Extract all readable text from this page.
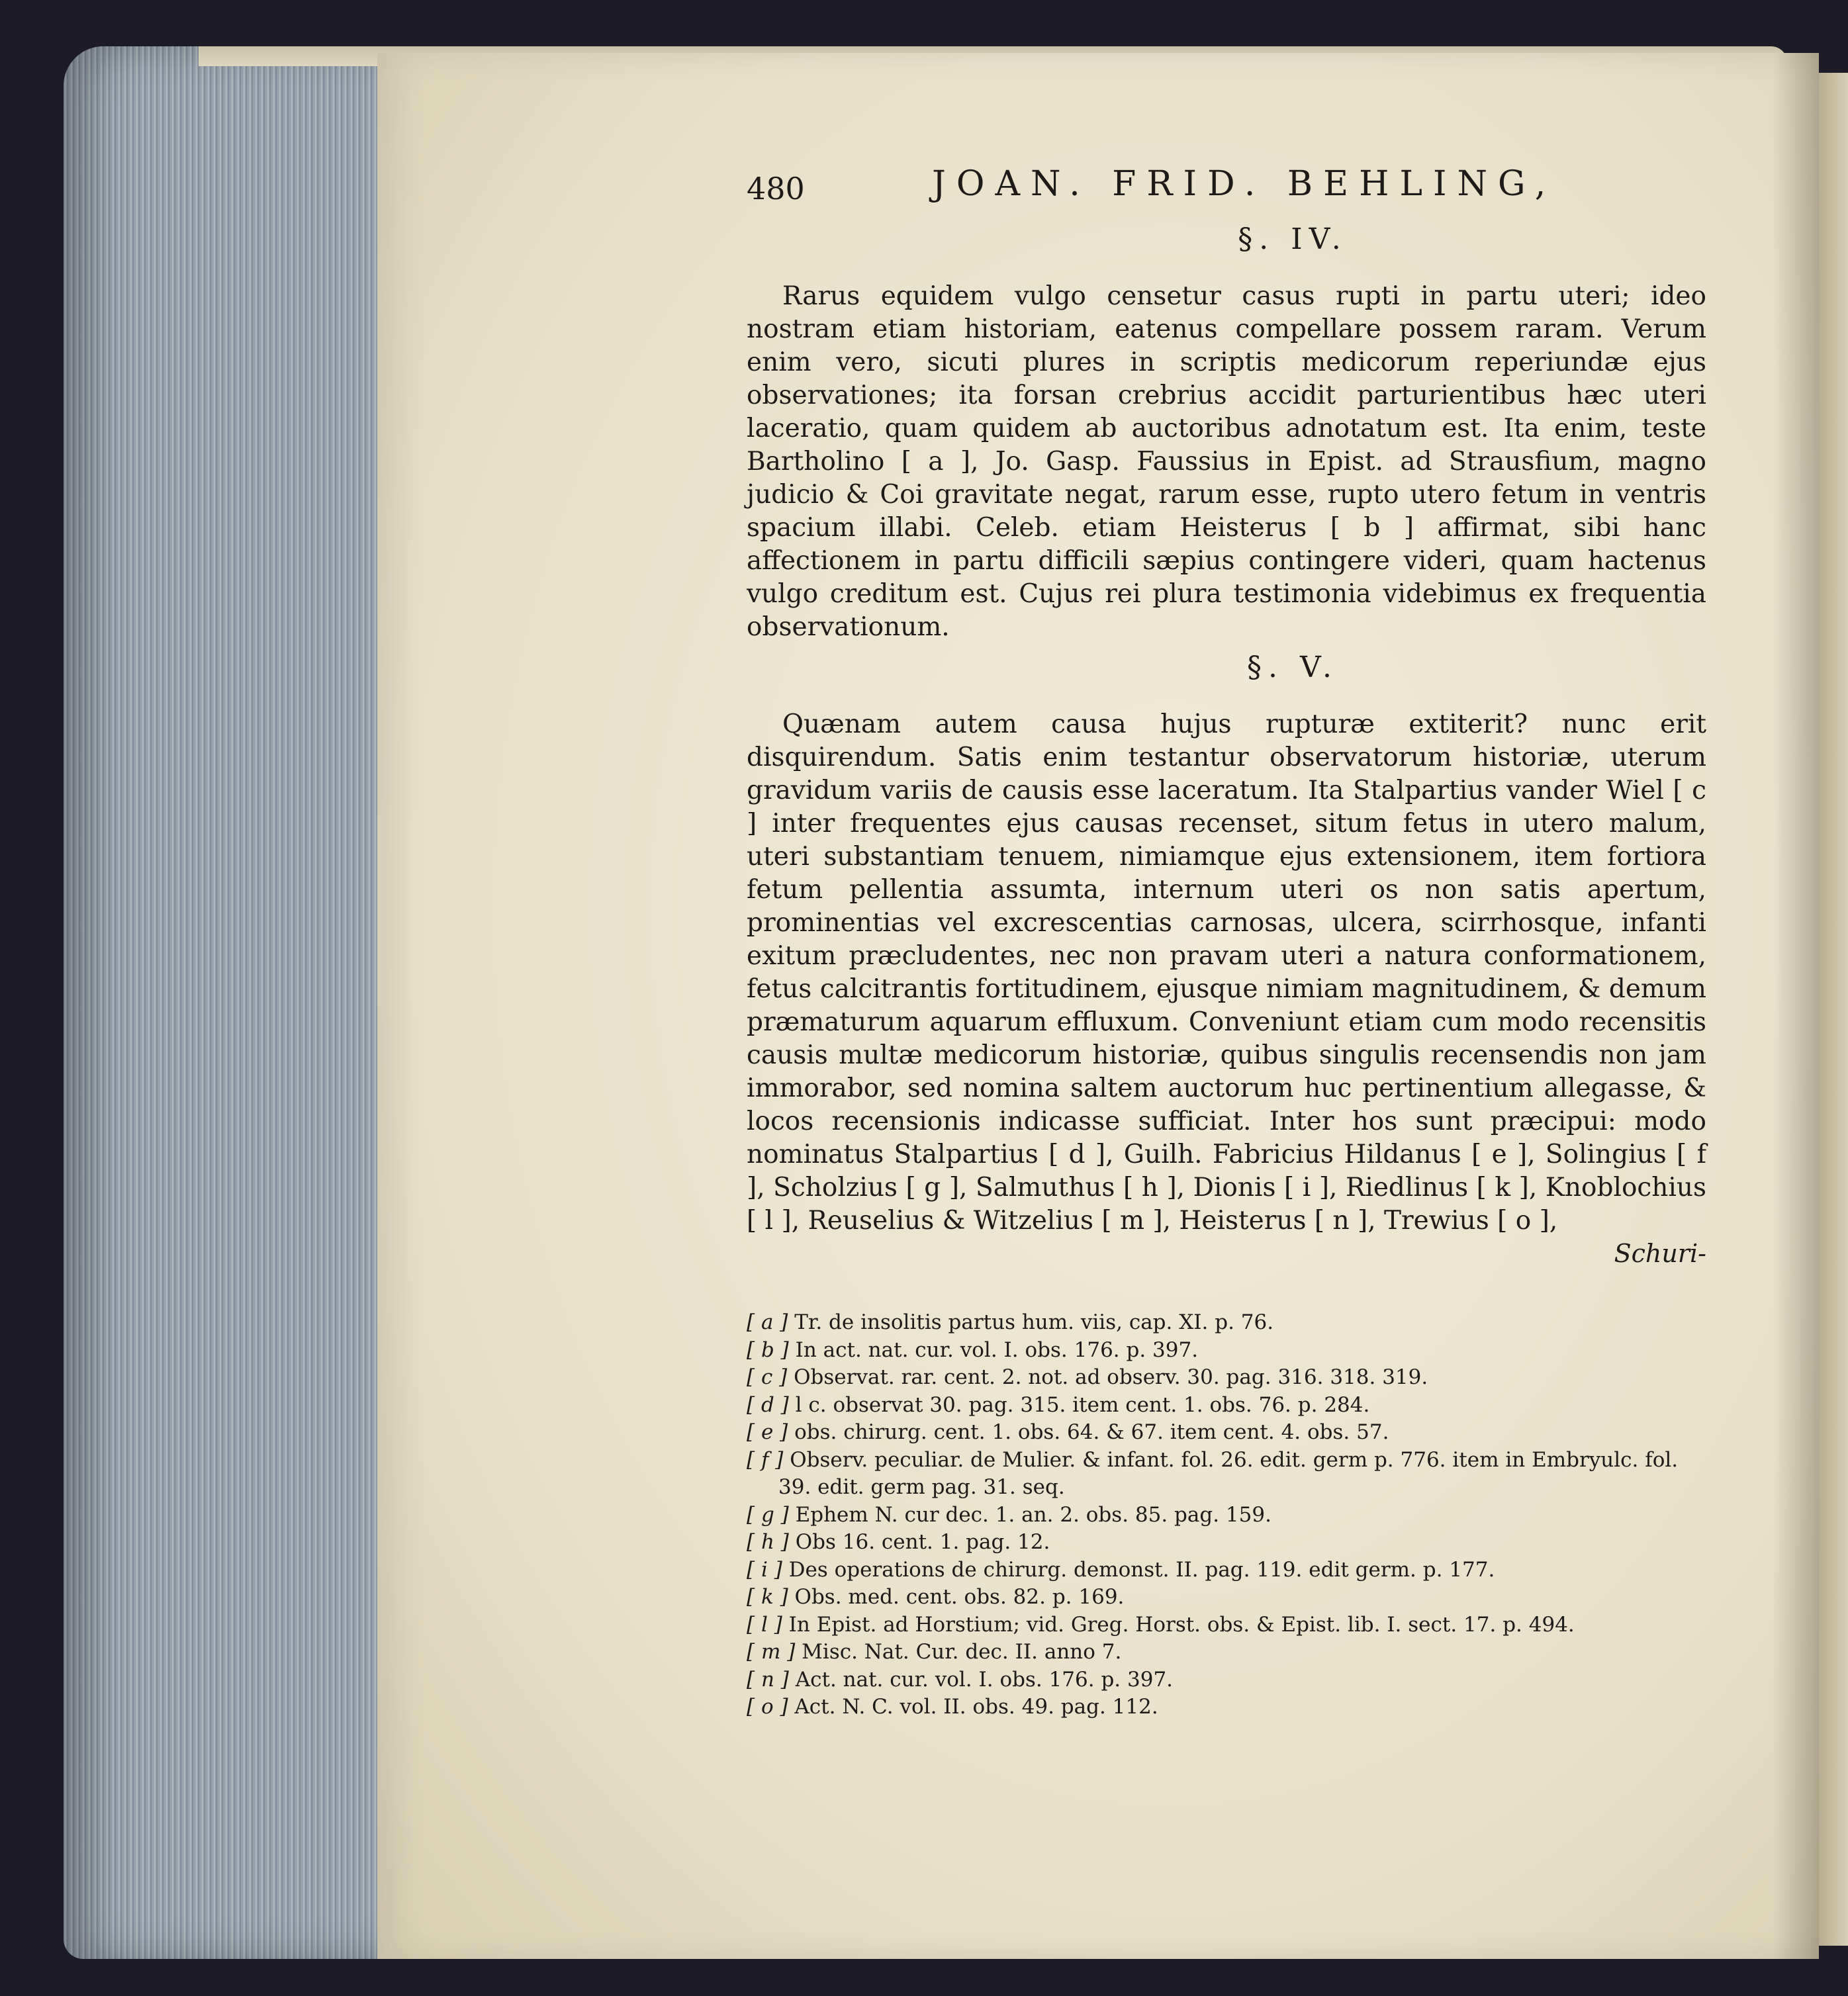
480	JOAN. FRID. BEHLING,
§. IV.

Rarus equidem vulgo censetur casus rupti in partu uteri; ideo nostram etiam historiam, eatenus compellare possem raram. Verum enim vero, sicuti plures in scriptis medicorum reperiundæ ejus observationes; ita forsan crebrius accidit parturientibus hæc uteri laceratio, quam quidem ab auctoribus adnotatum est. Ita enim, teste Bartholino [ a ], Jo. Gasp. Faussius in Epist. ad Strausfium, magno judicio & Coi gravitate negat, rarum esse, rupto utero fetum in ventris spacium illabi. Celeb. etiam Heisterus [ b ] affirmat, sibi hanc affectionem in partu difficili sæpius contingere videri, quam hactenus vulgo creditum est. Cujus rei plura testimonia videbimus ex frequentia observationum.

§. V.

Quænam autem causa hujus rupturæ extiterit? nunc erit disquirendum. Satis enim testantur observatorum historiæ, uterum gravidum variis de causis esse laceratum. Ita Stalpartius vander Wiel [ c ] inter frequentes ejus causas recenset, situm fetus in utero malum, uteri substantiam tenuem, nimiamque ejus extensionem, item fortiora fetum pellentia assumta, internum uteri os non satis apertum, prominentias vel excrescentias carnosas, ulcera, scirrhosque, infanti exitum præcludentes, nec non pravam uteri a natura conformationem, fetus calcitrantis fortitudinem, ejusque nimiam magnitudinem, & demum præmaturum aquarum effluxum. Conveniunt etiam cum modo recensitis causis multæ medicorum historiæ, quibus singulis recensendis non jam immorabor, sed nomina saltem auctorum huc pertinentium allegasse, & locos recensionis indicasse sufficiat. Inter hos sunt præcipui: modo nominatus Stalpartius [ d ], Guilh. Fabricius Hildanus [ e ], Solingius [ f ], Scholzius [ g ], Salmuthus [ h ], Dionis [ i ], Riedlinus [ k ], Knoblochius [ l ], Reuselius & Witzelius [ m ], Heisterus [ n ], Trewius [ o ],

Schuri-

[ a ] Tr. de insolitis partus hum. viis, cap. XI. p. 76.

[ b ] In act. nat. cur. vol. I. obs. 176. p. 397.

[ c ] Observat. rar. cent. 2. not. ad observ. 30. pag. 316. 318. 319.

[ d ] l c. observat 30. pag. 315. item cent. 1. obs. 76. p. 284.

[ e ] obs. chirurg. cent. 1. obs. 64. & 67. item cent. 4. obs. 57.

[ f ] Observ. peculiar. de Mulier. & infant. fol. 26. edit. germ p. 776. item in Embryulc. fol. 39. edit. germ pag. 31. seq.

[ g ] Ephem N. cur dec. 1. an. 2. obs. 85. pag. 159.

[ h ] Obs 16. cent. 1. pag. 12.

[ i ] Des operations de chirurg. demonst. II. pag. 119. edit germ. p. 177.

[ k ] Obs. med. cent. obs. 82. p. 169.

[ l ] In Epist. ad Horstium; vid. Greg. Horst. obs. & Epist. lib. I. sect. 17. p. 494.

[ m ] Misc. Nat. Cur. dec. II. anno 7.

[ n ] Act. nat. cur. vol. I. obs. 176. p. 397.

[ o ] Act. N. C. vol. II. obs. 49. pag. 112.
